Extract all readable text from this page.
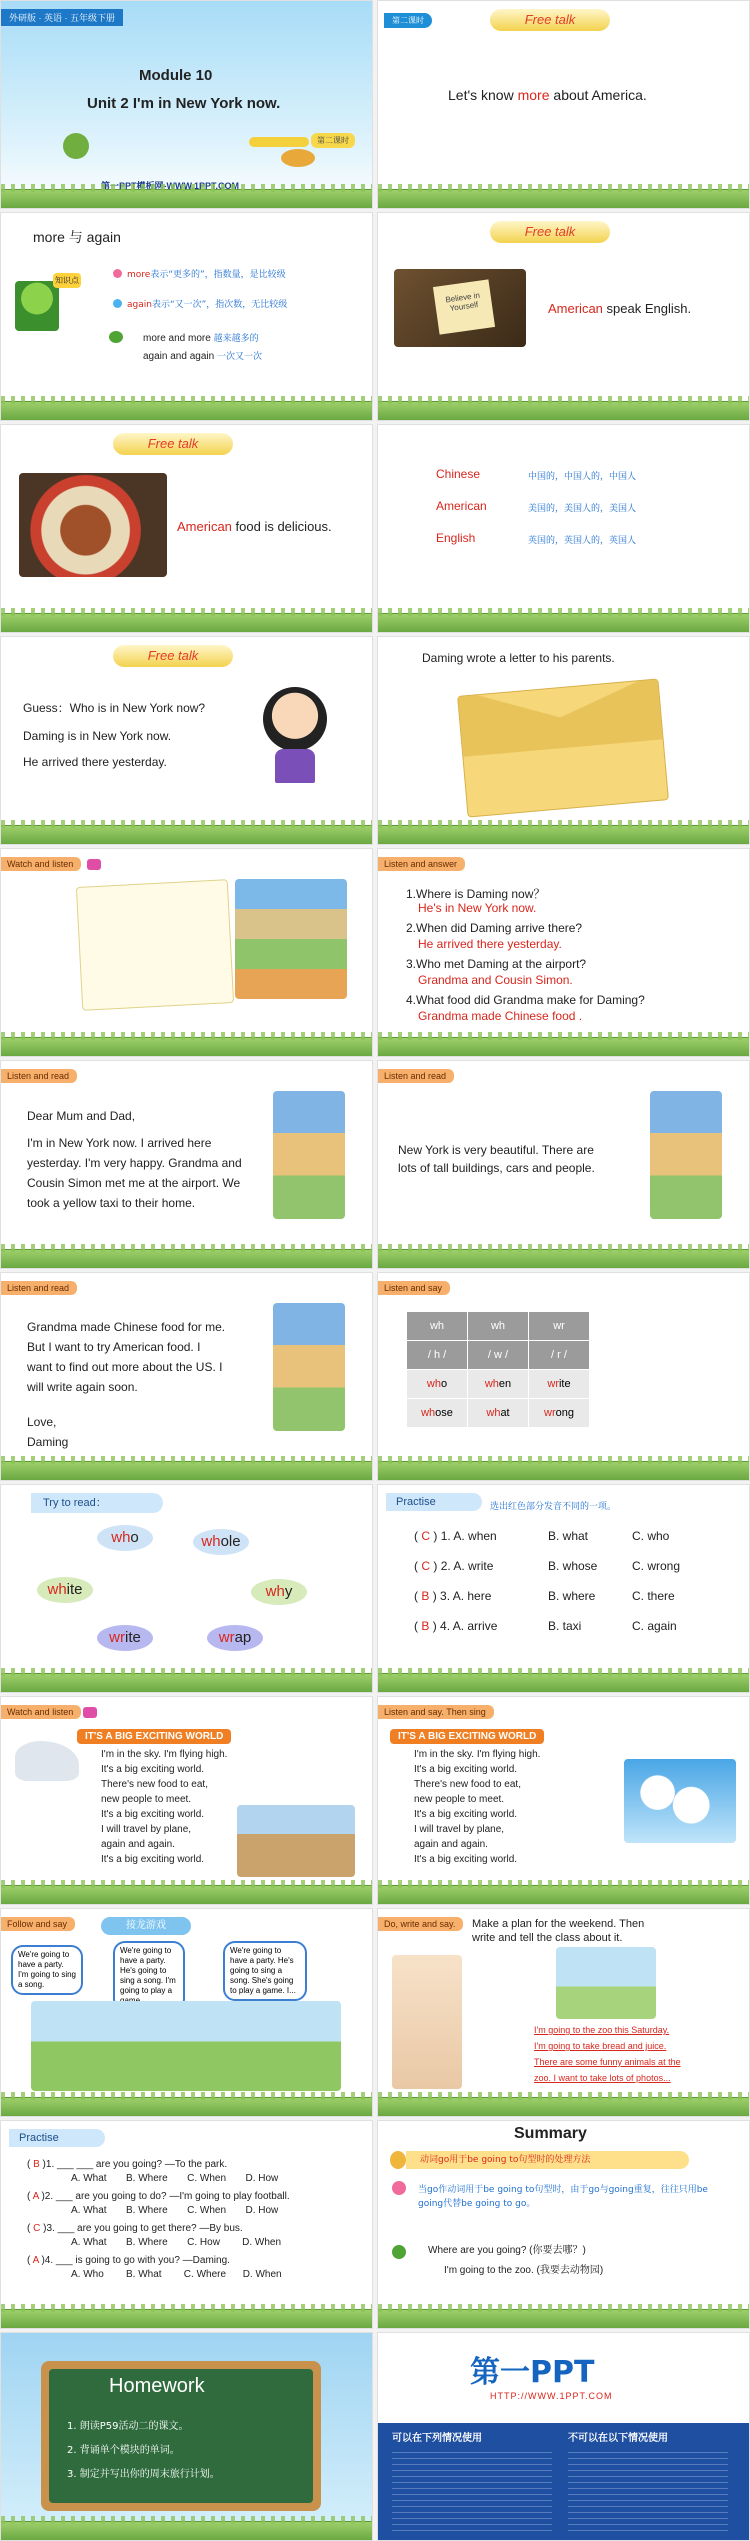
外研版 · 英语 · 五年级下册
Module 10
Unit 2 I'm in New York now.
第二课时
第二课时	Free talk
Let's know more about America.
more 与 again
知识点
more表示“更多的”，指数量，是比较级
again表示“又一次”，指次数，无比较级
more and more 越来越多的
again and again 一次又一次
Free talk
Believe in Yourself	American speak English.
Free talk
American food is delicious.
Chinese	中国的，中国人的，中国人
American	美国的，美国人的，美国人
English	英国的，英国人的，英国人
Free talk
Guess：Who is in New York now?
Daming is in New York now.
He arrived there yesterday.
Daming wrote a letter to his parents.
Watch and listen	Listen and answer
1.Where is Daming now？
He's in New York now.
2.When did Daming arrive there?
He arrived there yesterday.
3.Who met Daming at the airport?
Grandma and Cousin Simon.
4.What food did Grandma make for Daming?
Grandma made Chinese food .
Listen and read
Dear Mum and Dad,
I'm in New York now. I arrived here
yesterday. I'm very happy. Grandma and
Cousin Simon met me at the airport. We
took a yellow taxi to their home.
Listen and read
New York is very beautiful. There are
lots of tall buildings, cars and people.
Listen and read
Grandma made Chinese food for me.
But I want to try American food. I
want to find out more about the US. I
will write again soon.
Love,
Daming
Listen and say
wh	wh	wr
/ h /	/ w /	/ r /
who	when	write
whose	what	wrong
Try to read：
who	whole
white	why
write	wrap
Practise	选出红色部分发音不同的一项。
( C ) 1. A. when	B. what	C. who
( C ) 2. A. write	B. whose	C. wrong
( B ) 3. A. here	B. where	C. there
( B ) 4. A. arrive	B. taxi	C. again
Watch and listen
IT'S A BIG EXCITING WORLD
I'm in the sky. I'm flying high.
It's a big exciting world.
There's new food to eat,
new people to meet.
It's a big exciting world.
I will travel by plane,
again and again.
It's a big exciting world.
Listen and say. Then sing
IT'S A BIG EXCITING WORLD
I'm in the sky. I'm flying high.
It's a big exciting world.
There's new food to eat,
new people to meet.
It's a big exciting world.
I will travel by plane,
again and again.
It's a big exciting world.
Follow and say	接龙游戏
We're going to have a party. I'm going to sing a song.
We're going to have a party. He's going to sing a song. I'm going to play a
We're going to have a party. He's going to sing a song. She's going to play a game. I...
Do, write and say.	Make a plan for the weekend. Then
write and tell the class about it.
I'm going to the zoo this Saturday.
I'm going to take bread and juice.
There are some funny animals at the
zoo. I want to take lots of photos...
Practise
( B )1. ___ ___ are you going? —To the park.
A. What       B. Where       C. When       D. How
( A )2. ___ are you going to do? —I'm going to play football.
A. What       B. Where       C. When       D. How
( C )3. ___ are you going to get there? —By bus.
A. What       B. Where       C. How        D. When
( A )4. ___ is going to go with you? —Daming.
A. Who        B. What        C. Where      D. When
Summary
动词go用于be going to句型时的处理方法
当go作动词用于be going to句型时，由于go与going重复，往往只用be going代替be going to go。
Where are you going? (你要去哪？)
I'm going to the zoo. (我要去动物园)
Homework
1. 朗读P59活动二的课文。
2. 背诵单个模块的单词。
3. 制定并写出你的周末旅行计划。
第一PPT
HTTP://WWW.1PPT.COM
可以在下列情况使用	不可以在以下情况使用
